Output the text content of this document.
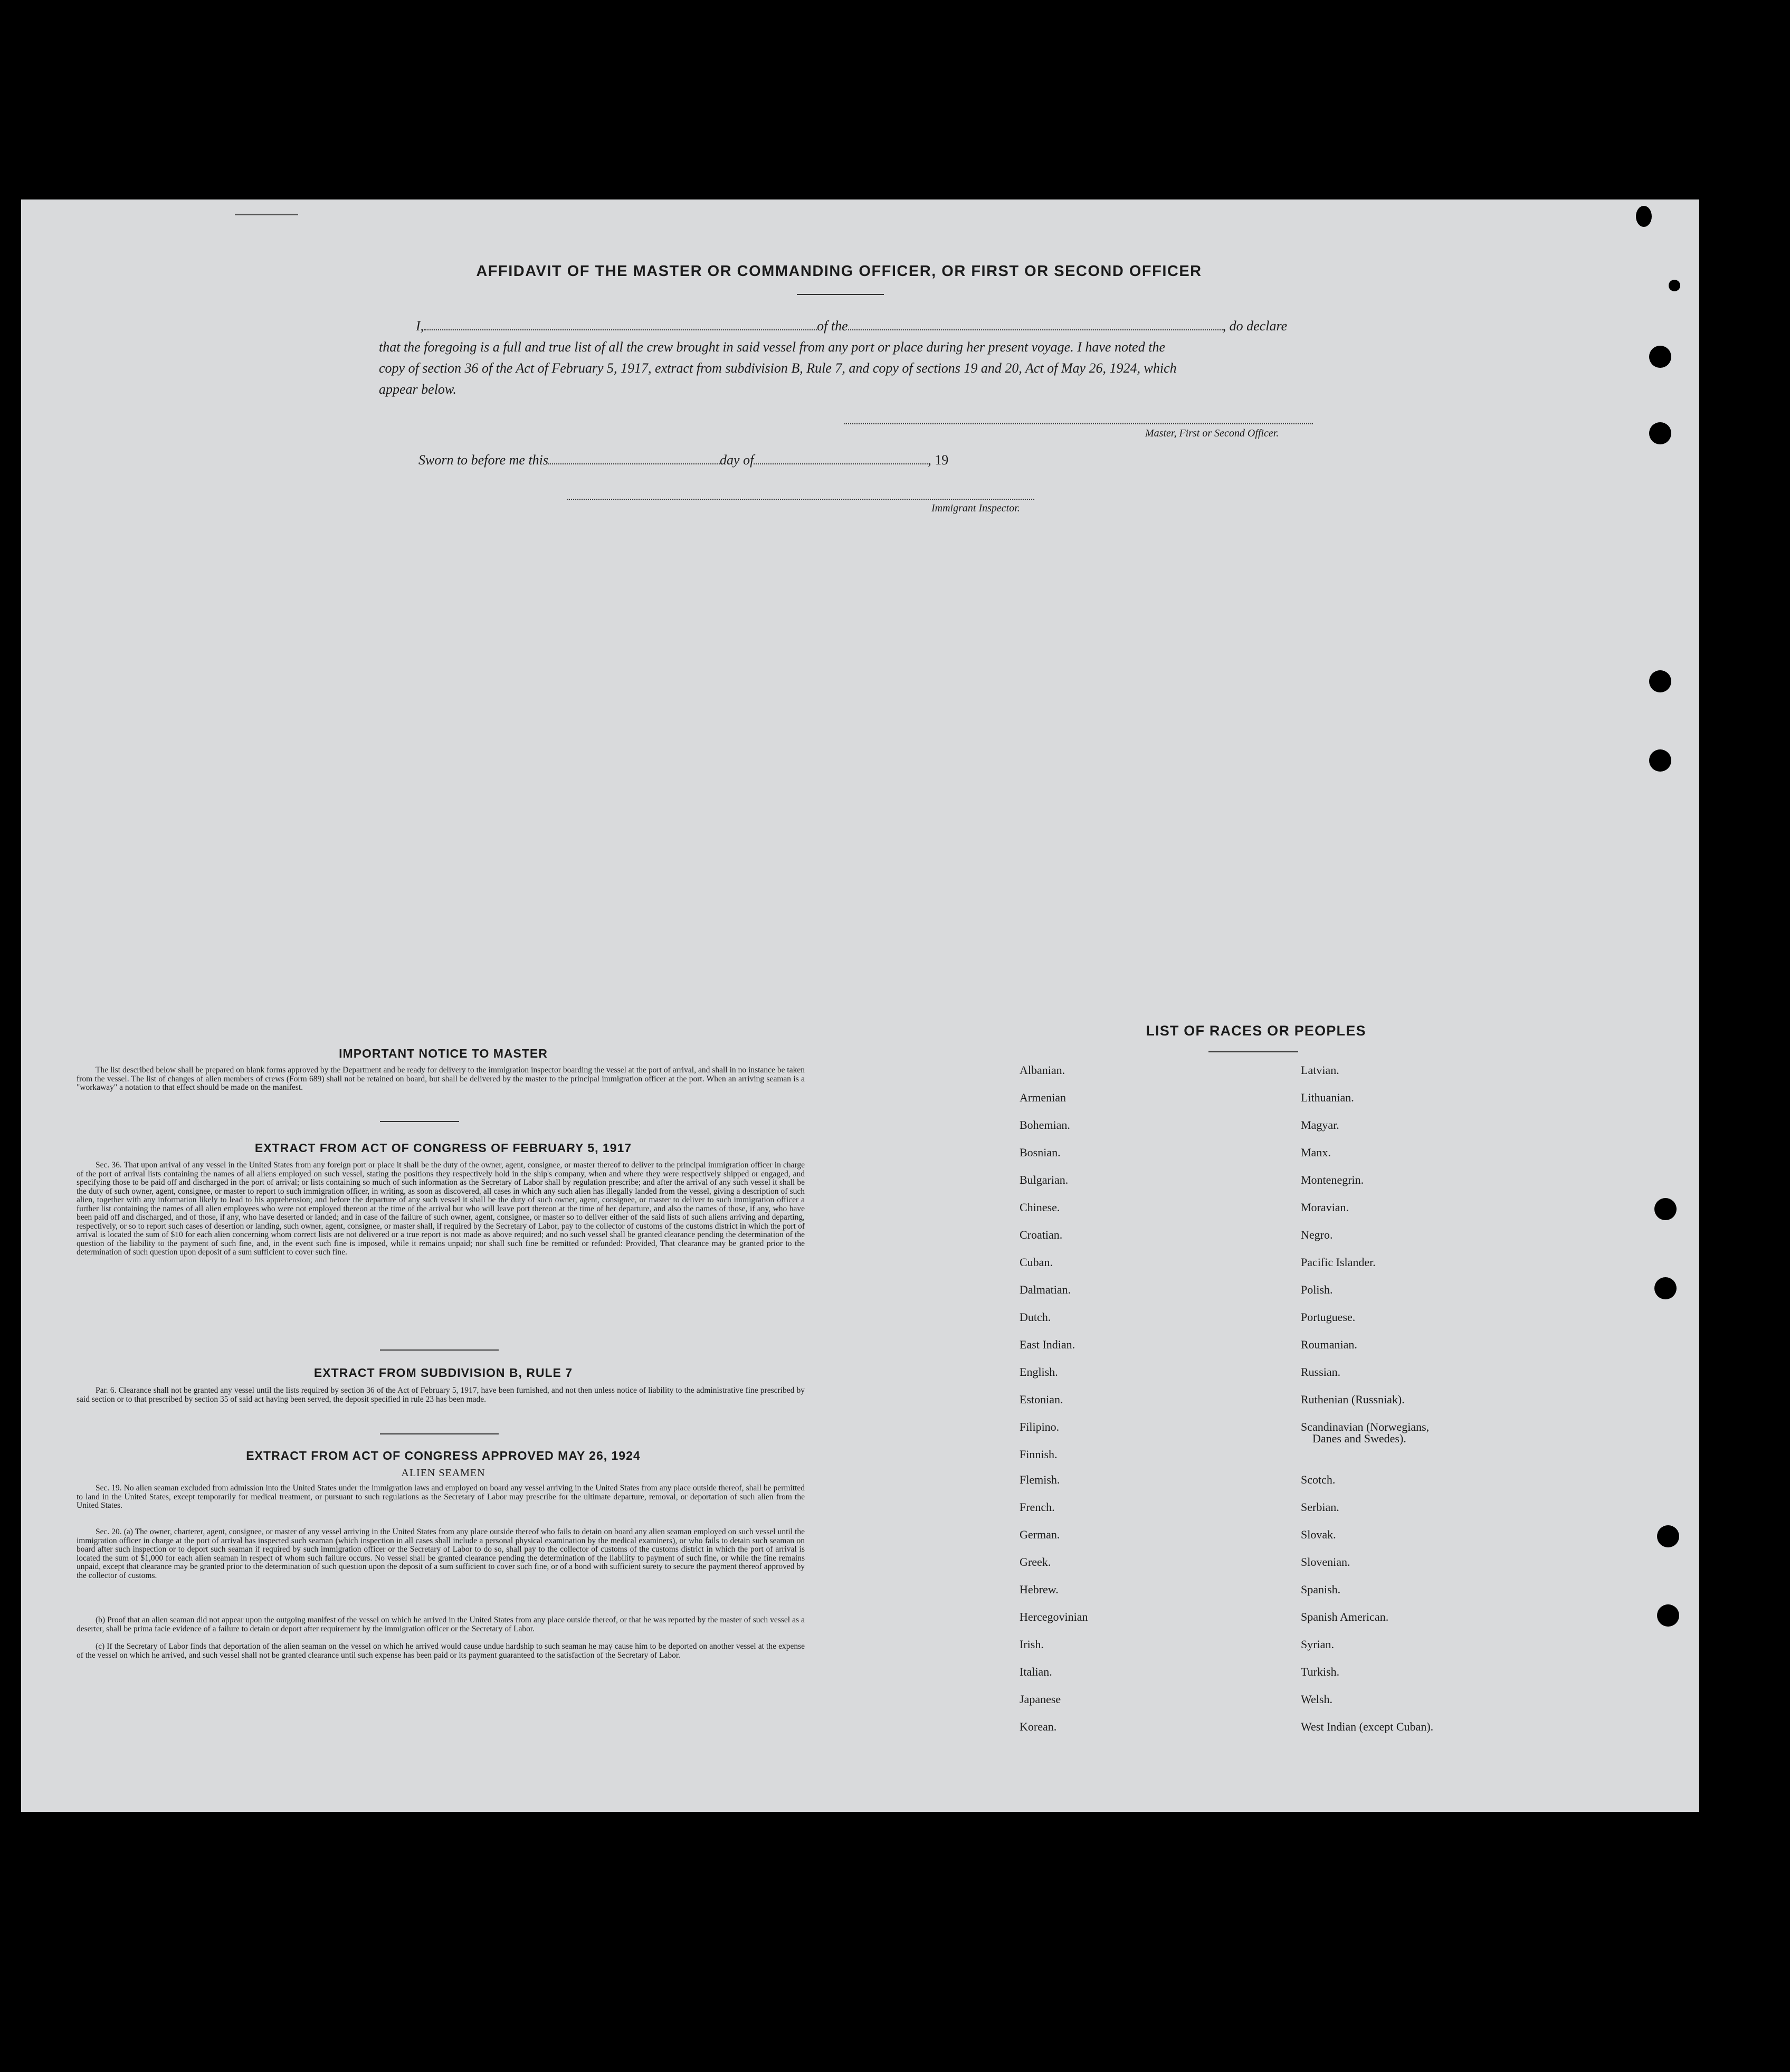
AFFIDAVIT OF THE MASTER OR COMMANDING OFFICER, OR FIRST OR SECOND OFFICER
I,	of the	, do declare
that the foregoing is a full and true list of all the crew brought in said vessel from any port or place during her present voyage. I have noted the
copy of section 36 of the Act of February 5, 1917, extract from subdivision B, Rule 7, and copy of sections 19 and 20, Act of May 26, 1924, which
appear below.
Master, First or Second Officer.
Sworn to before me this	day of	, 19
Immigrant Inspector.
IMPORTANT NOTICE TO MASTER
The list described below shall be prepared on blank forms approved by the Department and be ready for delivery to the immigration inspector boarding the vessel at the port of arrival, and shall in no instance be taken from the vessel. The list of changes of alien members of crews (Form 689) shall not be retained on board, but shall be delivered by the master to the principal immigration officer at the port. When an arriving seaman is a "workaway" a notation to that effect should be made on the manifest.
EXTRACT FROM ACT OF CONGRESS OF FEBRUARY 5, 1917
Sec. 36. That upon arrival of any vessel in the United States from any foreign port or place it shall be the duty of the owner, agent, consignee, or master thereof to deliver to the principal immigration officer in charge of the port of arrival lists containing the names of all aliens employed on such vessel, stating the positions they respectively hold in the ship's company, when and where they were respectively shipped or engaged, and specifying those to be paid off and discharged in the port of arrival; or lists containing so much of such information as the Secretary of Labor shall by regulation prescribe; and after the arrival of any such vessel it shall be the duty of such owner, agent, consignee, or master to report to such immigration officer, in writing, as soon as discovered, all cases in which any such alien has illegally landed from the vessel, giving a description of such alien, together with any information likely to lead to his apprehension; and before the departure of any such vessel it shall be the duty of such owner, agent, consignee, or master to deliver to such immigration officer a further list containing the names of all alien employees who were not employed thereon at the time of the arrival but who will leave port thereon at the time of her departure, and also the names of those, if any, who have been paid off and discharged, and of those, if any, who have deserted or landed; and in case of the failure of such owner, agent, consignee, or master so to deliver either of the said lists of such aliens arriving and departing, respectively, or so to report such cases of desertion or landing, such owner, agent, consignee, or master shall, if required by the Secretary of Labor, pay to the collector of customs of the customs district in which the port of arrival is located the sum of $10 for each alien concerning whom correct lists are not delivered or a true report is not made as above required; and no such vessel shall be granted clearance pending the determination of the question of the liability to the payment of such fine, and, in the event such fine is imposed, while it remains unpaid; nor shall such fine be remitted or refunded: Provided, That clearance may be granted prior to the determination of such question upon deposit of a sum sufficient to cover such fine.
EXTRACT FROM SUBDIVISION B, RULE 7
Par. 6. Clearance shall not be granted any vessel until the lists required by section 36 of the Act of February 5, 1917, have been furnished, and not then unless notice of liability to the administrative fine prescribed by said section or to that prescribed by section 35 of said act having been served, the deposit specified in rule 23 has been made.
EXTRACT FROM ACT OF CONGRESS APPROVED MAY 26, 1924
ALIEN SEAMEN
Sec. 19. No alien seaman excluded from admission into the United States under the immigration laws and employed on board any vessel arriving in the United States from any place outside thereof, shall be permitted to land in the United States, except temporarily for medical treatment, or pursuant to such regulations as the Secretary of Labor may prescribe for the ultimate departure, removal, or deportation of such alien from the United States.
Sec. 20. (a) The owner, charterer, agent, consignee, or master of any vessel arriving in the United States from any place outside thereof who fails to detain on board any alien seaman employed on such vessel until the immigration officer in charge at the port of arrival has inspected such seaman (which inspection in all cases shall include a personal physical examination by the medical examiners), or who fails to detain such seaman on board after such inspection or to deport such seaman if required by such immigration officer or the Secretary of Labor to do so, shall pay to the collector of customs of the customs district in which the port of arrival is located the sum of $1,000 for each alien seaman in respect of whom such failure occurs. No vessel shall be granted clearance pending the determination of the liability to payment of such fine, or while the fine remains unpaid, except that clearance may be granted prior to the determination of such question upon the deposit of a sum sufficient to cover such fine, or of a bond with sufficient surety to secure the payment thereof approved by the collector of customs.
(b) Proof that an alien seaman did not appear upon the outgoing manifest of the vessel on which he arrived in the United States from any place outside thereof, or that he was reported by the master of such vessel as a deserter, shall be prima facie evidence of a failure to detain or deport after requirement by the immigration officer or the Secretary of Labor.
(c) If the Secretary of Labor finds that deportation of the alien seaman on the vessel on which he arrived would cause undue hardship to such seaman he may cause him to be deported on another vessel at the expense of the vessel on which he arrived, and such vessel shall not be granted clearance until such expense has been paid or its payment guaranteed to the satisfaction of the Secretary of Labor.
LIST OF RACES OR PEOPLES
Albanian.
Armenian
Bohemian.
Bosnian.
Bulgarian.
Chinese.
Croatian.
Cuban.
Dalmatian.
Dutch.
East Indian.
English.
Estonian.
Filipino.
Finnish.
Flemish.
French.
German.
Greek.
Hebrew.
Hercegovinian
Irish.
Italian.
Japanese
Korean.
Latvian.
Lithuanian.
Magyar.
Manx.
Montenegrin.
Moravian.
Negro.
Pacific Islander.
Polish.
Portuguese.
Roumanian.
Russian.
Ruthenian (Russniak).
Scandinavian (Norwegians,
Danes and Swedes).
Scotch.
Serbian.
Slovak.
Slovenian.
Spanish.
Spanish American.
Syrian.
Turkish.
Welsh.
West Indian (except Cuban).
